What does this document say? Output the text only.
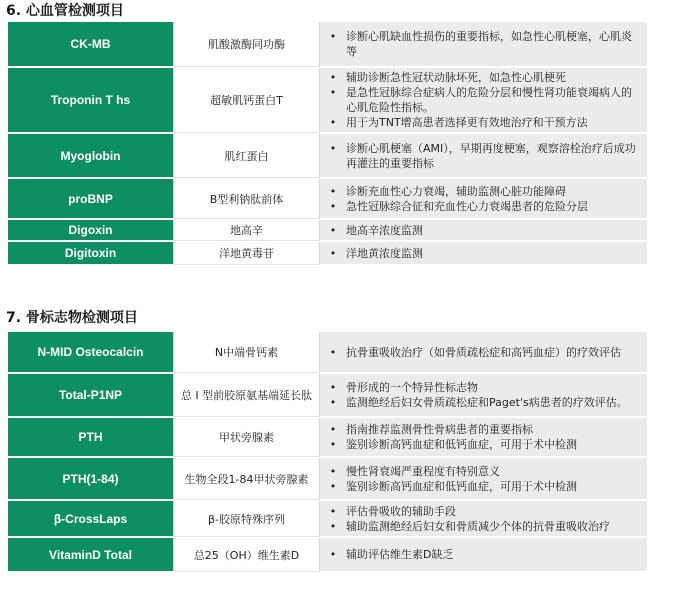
6. 心血管检测项目
CK-MB	肌酸激酶同功酶
• 诊断心肌缺血性损伤的重要指标，如急性心肌梗塞，心肌炎等
Troponin T hs	超敏肌钙蛋白T
• 辅助诊断急性冠状动脉坏死，如急性心肌梗死
• 是急性冠脉综合症病人的危险分层和慢性肾功能衰竭病人的心肌危险性指标。
• 用于为TNT增高患者选择更有效地治疗和干预方法
Myoglobin	肌红蛋白
• 诊断心肌梗塞（AMI），早期再度梗塞，观察溶栓治疗后成功再灌注的重要指标
proBNP	B型利钠肽前体
• 诊断充血性心力衰竭，辅助监测心脏功能障碍
• 急性冠脉综合征和充血性心力衰竭患者的危险分层
Digoxin	地高辛	• 地高辛浓度监测
Digitoxin	洋地黄毒苷	• 洋地黄浓度监测
7. 骨标志物检测项目
N-MID Osteocalcin	N中端骨钙素	• 抗骨重吸收治疗（如骨质疏松症和高钙血症）的疗效评估
Total-P1NP	总 I 型前胶原氨基端延长肽
• 骨形成的一个特异性标志物
• 监测绝经后妇女骨质疏松症和Paget's病患者的疗效评估。
PTH	甲状旁腺素
• 指南推荐监测骨性骨病患者的重要指标
• 鉴别诊断高钙血症和低钙血症，可用于术中检测
PTH(1-84)	生物全段1-84甲状旁腺素
• 慢性肾衰竭严重程度有特别意义
• 鉴别诊断高钙血症和低钙血症，可用于术中检测
β-CrossLaps	β-胶原特殊序列
• 评估骨吸收的辅助手段
• 辅助监测绝经后妇女和骨质减少个体的抗骨重吸收治疗
VitaminD Total	总25（OH）维生素D	• 辅助评估维生素D缺乏
